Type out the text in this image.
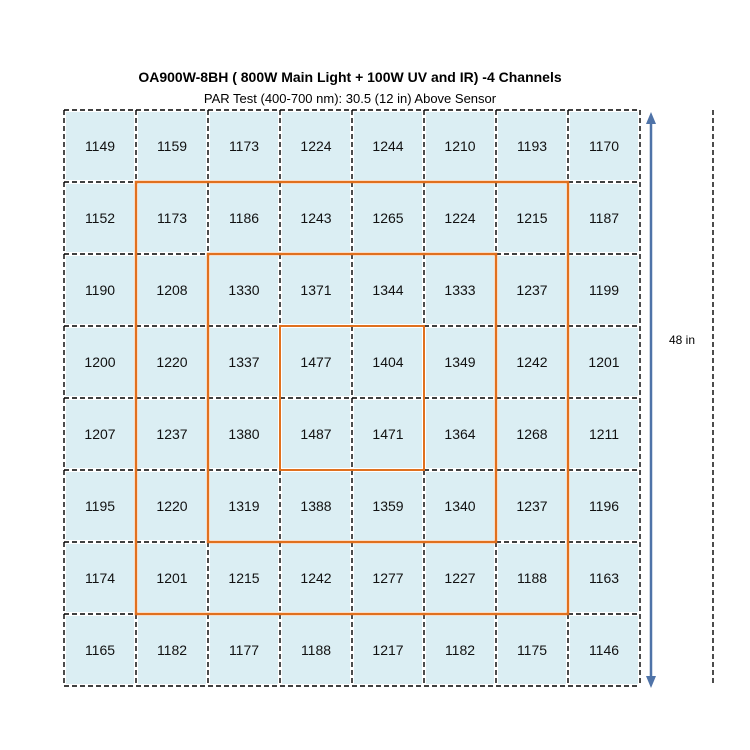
OA900W-8BH ( 800W Main Light + 100W UV and IR) -4 Channels
PAR Test (400-700 nm): 30.5 (12 in) Above Sensor
1149	1159	1173	1224	1244	1210	1193	1170
1152	1173	1186	1243	1265	1224	1215	1187
1190	1208	1330	1371	1344	1333	1237	1199
1200	1220	1337	1477	1404	1349	1242	1201
1207	1237	1380	1487	1471	1364	1268	1211
1195	1220	1319	1388	1359	1340	1237	1196
1174	1201	1215	1242	1277	1227	1188	1163
1165	1182	1177	1188	1217	1182	1175	1146
48 in
